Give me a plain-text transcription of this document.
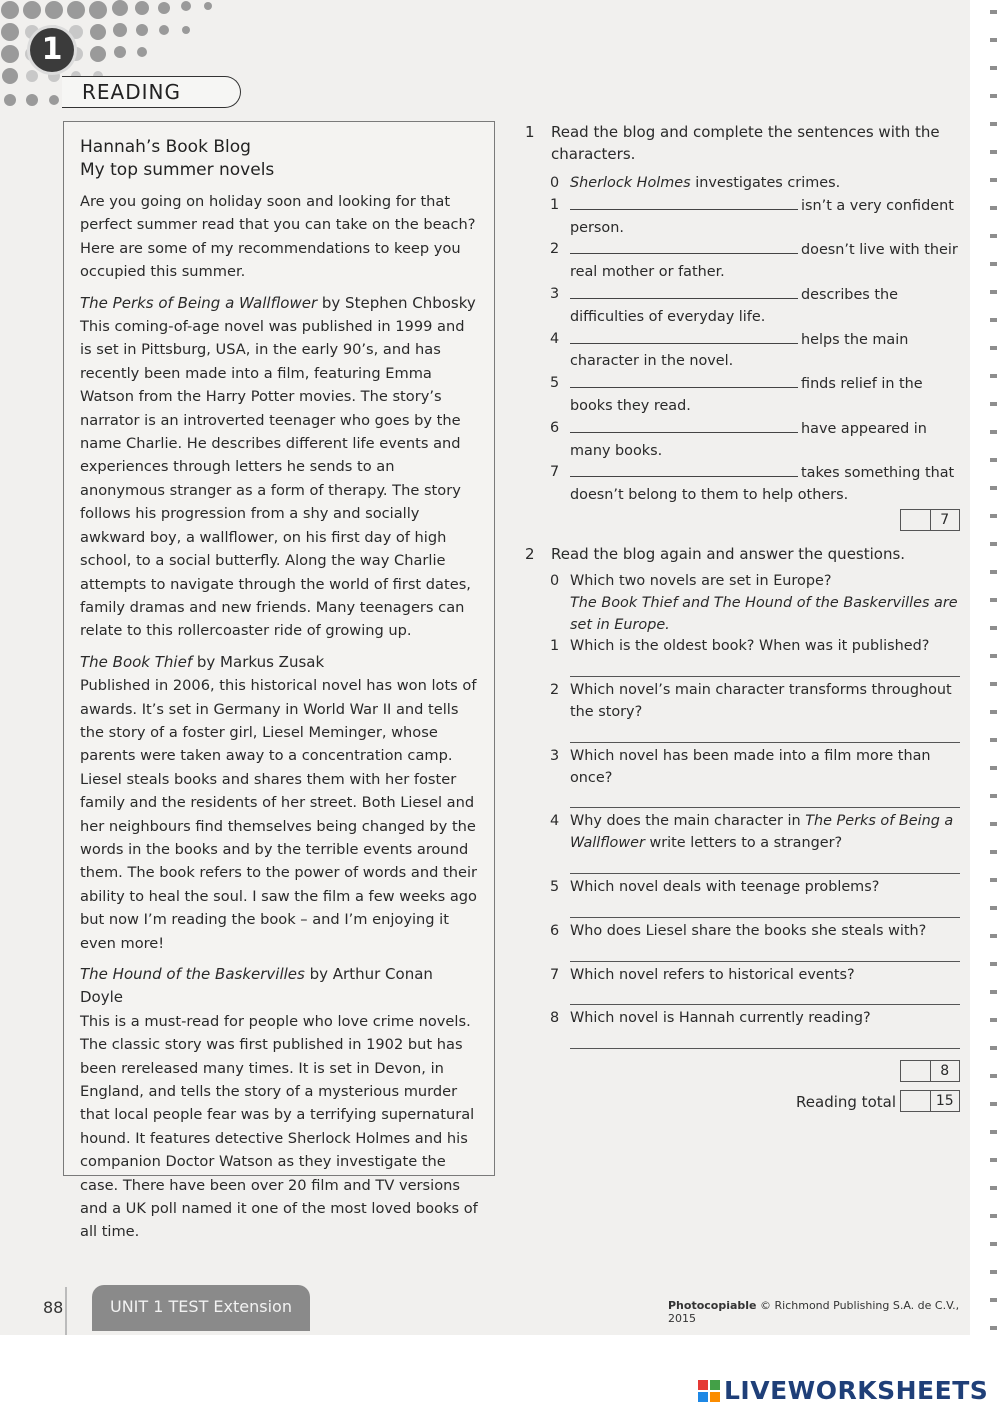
1
READING
Hannah’s Book Blog
My top summer novels

Are you going on holiday soon and looking for that perfect summer read that you can take on the beach? Here are some of my recommendations to keep you occupied this summer.

The Perks of Being a Wallflower by Stephen Chbosky
This coming-of-age novel was published in 1999 and is set in Pittsburg, USA, in the early 90’s, and has recently been made into a film, featuring Emma Watson from the Harry Potter movies. The story’s narrator is an introverted teenager who goes by the name Charlie. He describes different life events and experiences through letters he sends to an anonymous stranger as a form of therapy. The story follows his progression from a shy and socially awkward boy, a wallflower, on his first day of high school, to a social butterfly. Along the way Charlie attempts to navigate through the world of first dates, family dramas and new friends. Many teenagers can relate to this rollercoaster ride of growing up.

The Book Thief by Markus Zusak
Published in 2006, this historical novel has won lots of awards. It’s set in Germany in World War II and tells the story of a foster girl, Liesel Meminger, whose parents were taken away to a concentration camp. Liesel steals books and shares them with her foster family and the residents of her street. Both Liesel and her neighbours find themselves being changed by the words in the books and by the terrible events around them. The book refers to the power of words and their ability to heal the soul. I saw the film a few weeks ago but now I’m reading the book – and I’m enjoying it even more!

The Hound of the Baskervilles by Arthur Conan Doyle
This is a must-read for people who love crime novels. The classic story was first published in 1902 but has been rereleased many times. It is set in Devon, in England, and tells the story of a mysterious murder that local people fear was by a terrifying supernatural hound. It features detective Sherlock Holmes and his companion Doctor Watson as they investigate the case. There have been over 20 film and TV versions and a UK poll named it one of the most loved books of all time.

1 Read the blog and complete the sentences with the characters.
0 Sherlock Holmes investigates crimes.
1	isn’t a very confident
person.
2	doesn’t live with their
real mother or father.
3	describes the
difficulties of everyday life.
4	helps the main
character in the novel.
5	finds relief in the
books they read.
6	have appeared in
many books.
7	takes something that
doesn’t belong to them to help others.
7
2 Read the blog again and answer the questions.
0 Which two novels are set in Europe?
The Book Thief and The Hound of the Baskervilles are set in Europe.
1 Which is the oldest book? When was it published?
2 Which novel’s main character transforms throughout the story?
3 Which novel has been made into a film more than once?
4 Why does the main character in The Perks of Being a Wallflower write letters to a stranger?
5 Which novel deals with teenage problems?
6 Who does Liesel share the books she steals with?
7 Which novel refers to historical events?
8 Which novel is Hannah currently reading?
8
Reading total	15
88	UNIT 1 TEST Extension	Photocopiable © Richmond Publishing S.A. de C.V., 2015
LIVEWORKSHEETS
